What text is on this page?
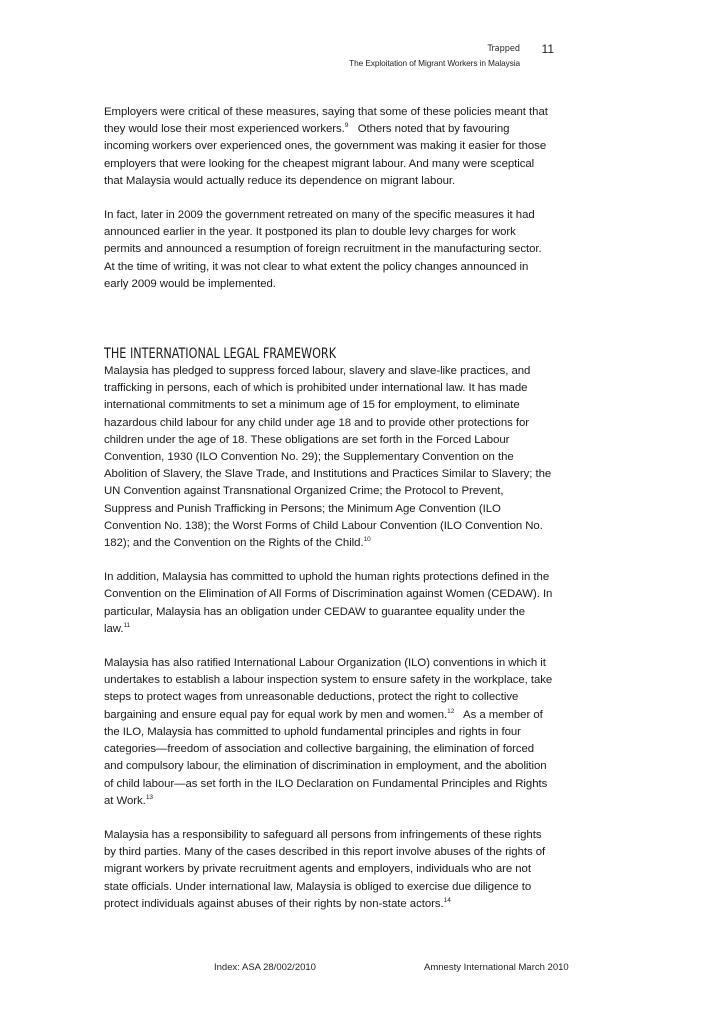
Trapped
The Exploitation of Migrant Workers in Malaysia
11

Employers were critical of these measures, saying that some of these policies meant that they would lose their most experienced workers.$^9$   Others noted that by favouring incoming workers over experienced ones, the government was making it easier for those employers that were looking for the cheapest migrant labour. And many were sceptical that Malaysia would actually reduce its dependence on migrant labour.

In fact, later in 2009 the government retreated on many of the specific measures it had announced earlier in the year. It postponed its plan to double levy charges for work permits and announced a resumption of foreign recruitment in the manufacturing sector. At the time of writing, it was not clear to what extent the policy changes announced in early 2009 would be implemented.

THE INTERNATIONAL LEGAL FRAMEWORK

Malaysia has pledged to suppress forced labour, slavery and slave-like practices, and trafficking in persons, each of which is prohibited under international law. It has made international commitments to set a minimum age of 15 for employment, to eliminate hazardous child labour for any child under age 18 and to provide other protections for children under the age of 18. These obligations are set forth in the Forced Labour Convention, 1930 (ILO Convention No. 29); the Supplementary Convention on the Abolition of Slavery, the Slave Trade, and Institutions and Practices Similar to Slavery; the UN Convention against Transnational Organized Crime; the Protocol to Prevent, Suppress and Punish Trafficking in Persons; the Minimum Age Convention (ILO Convention No. 138); the Worst Forms of Child Labour Convention (ILO Convention No. 182); and the Convention on the Rights of the Child.$^{10}$

In addition, Malaysia has committed to uphold the human rights protections defined in the Convention on the Elimination of All Forms of Discrimination against Women (CEDAW). In particular, Malaysia has an obligation under CEDAW to guarantee equality under the law.$^{11}$

Malaysia has also ratified International Labour Organization (ILO) conventions in which it undertakes to establish a labour inspection system to ensure safety in the workplace, take steps to protect wages from unreasonable deductions, protect the right to collective bargaining and ensure equal pay for equal work by men and women.$^{12}$   As a member of the ILO, Malaysia has committed to uphold fundamental principles and rights in four categories—freedom of association and collective bargaining, the elimination of forced and compulsory labour, the elimination of discrimination in employment, and the abolition of child labour—as set forth in the ILO Declaration on Fundamental Principles and Rights at Work.$^{13}$

Malaysia has a responsibility to safeguard all persons from infringements of these rights by third parties. Many of the cases described in this report involve abuses of the rights of migrant workers by private recruitment agents and employers, individuals who are not state officials. Under international law, Malaysia is obliged to exercise due diligence to protect individuals against abuses of their rights by non-state actors.$^{14}$

Index: ASA 28/002/2010	Amnesty International March 2010
